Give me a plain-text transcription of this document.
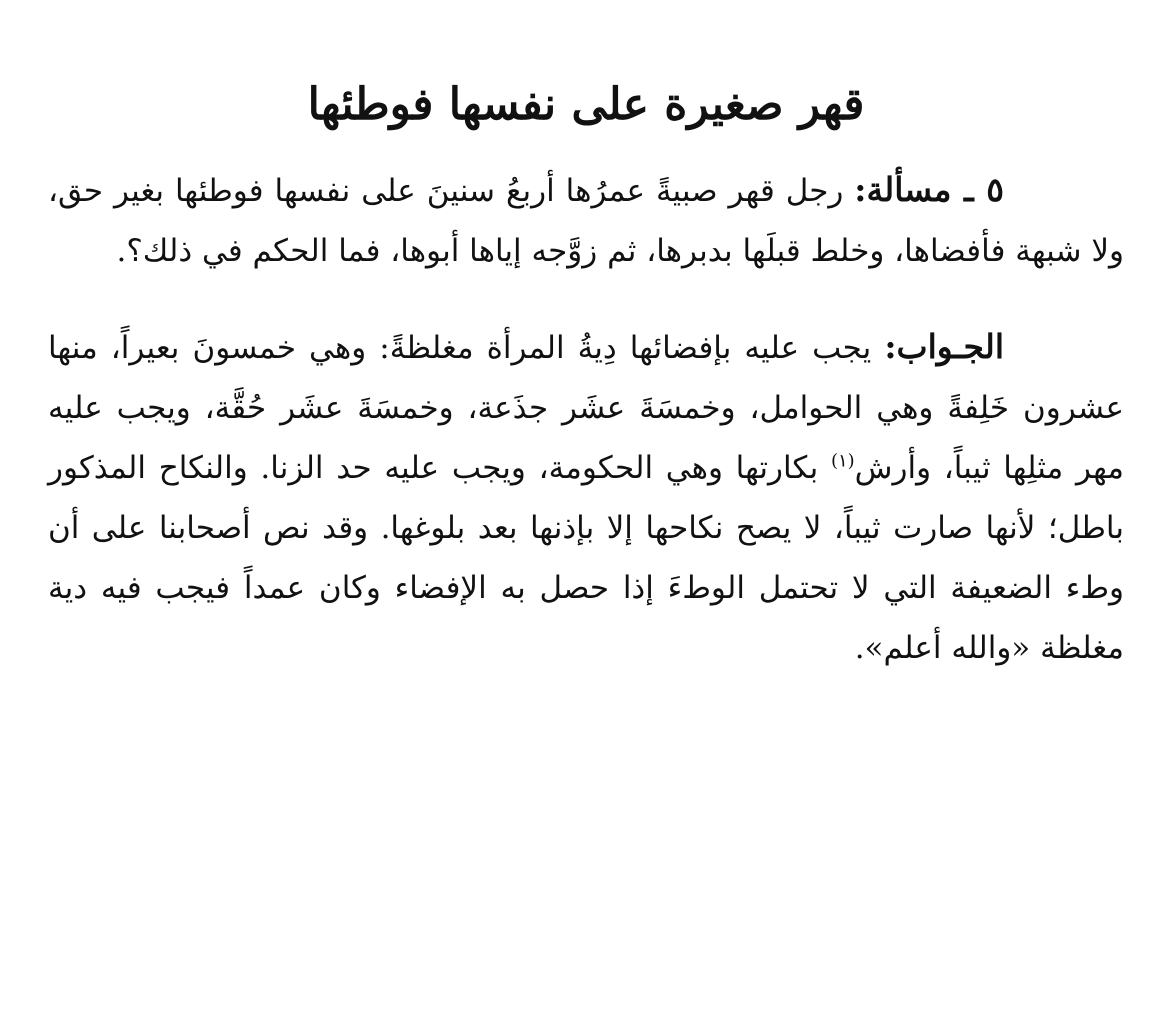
قهر صغيرة على نفسها فوطئها

٥ ـ مسألة: رجل قهر صبيةً عمرُها أربعُ سنينَ على نفسها فوطئها بغير حق، ولا شبهة فأفضاها، وخلط قبلَها بدبرها، ثم زوَّجه إياها أبوها، فما الحكم في ذلك؟.

الجـواب: يجب عليه بإفضائها دِيةُ المرأة مغلظةً: وهي خمسونَ بعيراً، منها عشرون خَلِفةً وهي الحوامل، وخمسَةَ عشَر جذَعة، وخمسَةَ عشَر حُقَّة، ويجب عليه مهر مثلِها ثيباً، وأرش$^{(١)}$ بكارتها وهي الحكومة، ويجب عليه حد الزنا. والنكاح المذكور باطل؛ لأنها صارت ثيباً، لا يصح نكاحها إلا بإذنها بعد بلوغها. وقد نص أصحابنا على أن وطء الضعيفة التي لا تحتمل الوطءَ إذا حصل به الإفضاء وكان عمداً فيجب فيه دية مغلظة «والله أعلم».
